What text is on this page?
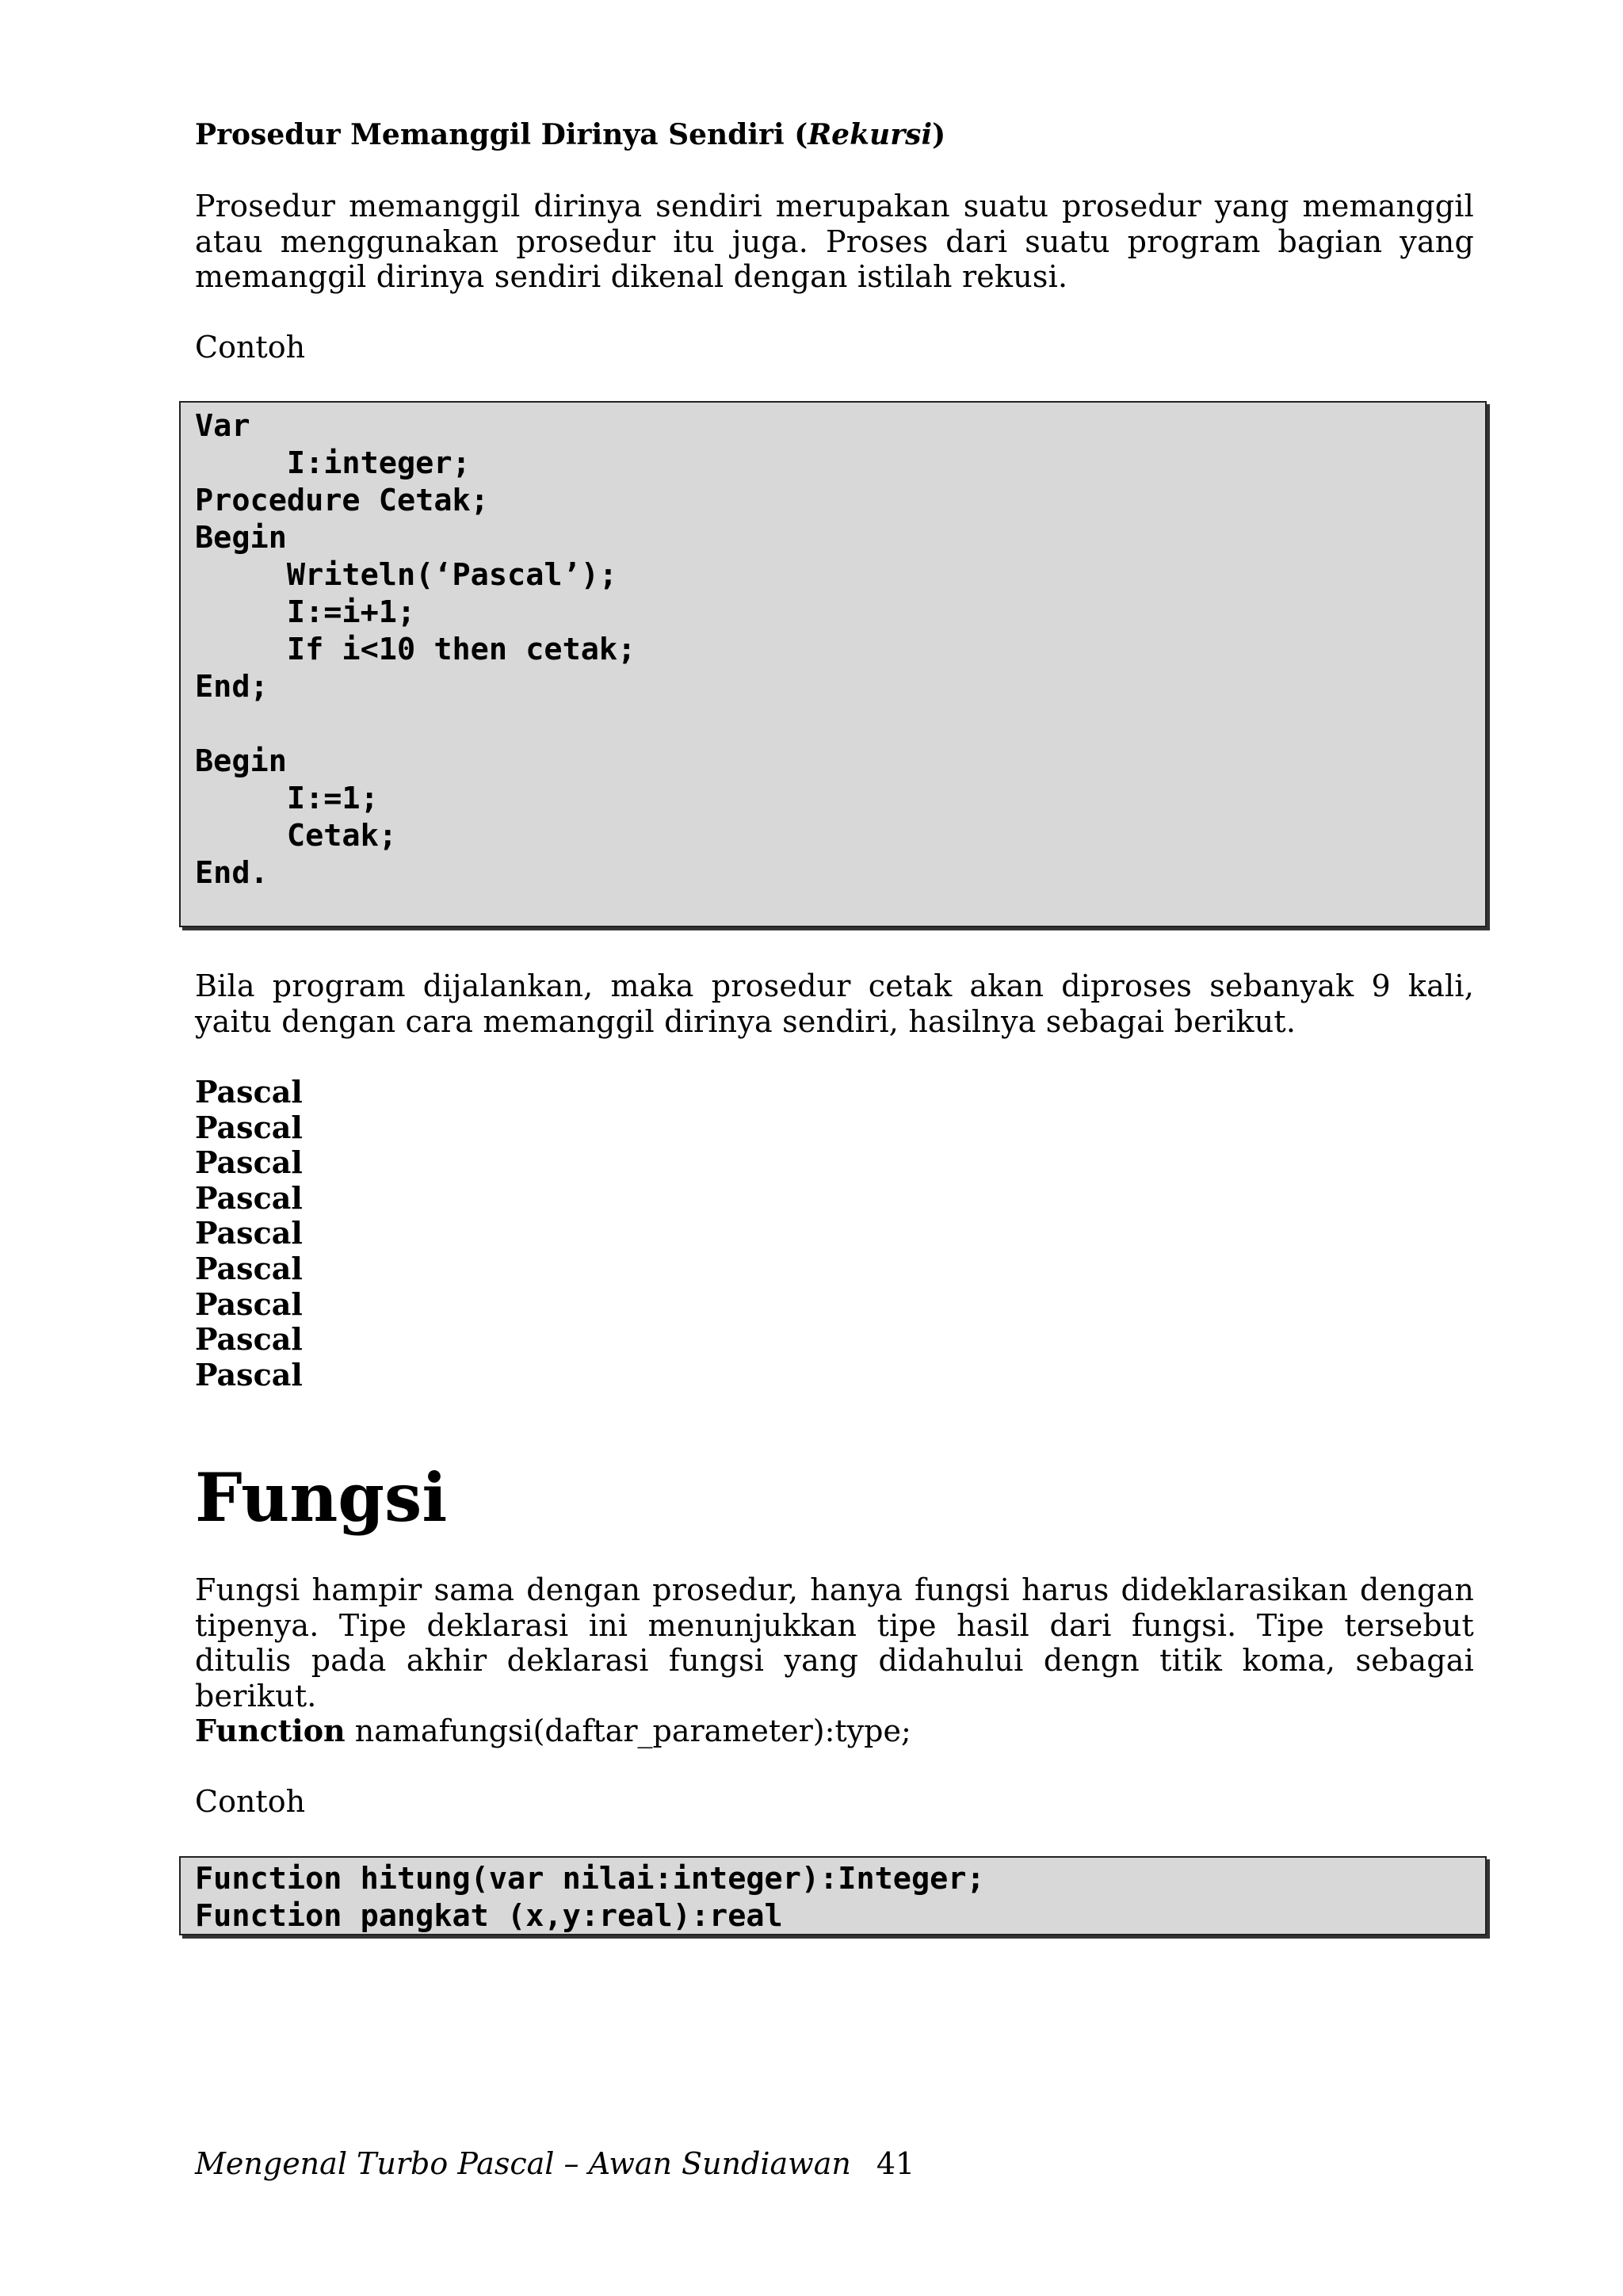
Prosedur Memanggil Dirinya Sendiri (Rekursi)
Prosedur memanggil dirinya sendiri merupakan suatu prosedur yang memanggil atau menggunakan prosedur itu juga. Proses dari suatu program bagian yang memanggil dirinya sendiri dikenal dengan istilah rekusi.
Contoh
Var
I:integer;
Procedure Cetak;
Begin
Writeln(‘Pascal’);
I:=i+1;
If i<10 then cetak;
End;

Begin
I:=1;
Cetak;
End.
Bila program dijalankan, maka prosedur cetak akan diproses sebanyak 9 kali, yaitu dengan cara memanggil dirinya sendiri, hasilnya sebagai berikut.
Pascal
Pascal
Pascal
Pascal
Pascal
Pascal
Pascal
Pascal
Pascal
Fungsi
Fungsi hampir sama dengan prosedur, hanya fungsi harus dideklarasikan dengan tipenya. Tipe deklarasi ini menunjukkan tipe hasil dari fungsi. Tipe tersebut ditulis pada akhir deklarasi fungsi yang didahului dengn titik koma, sebagai berikut.
Function namafungsi(daftar_parameter):type;
Contoh
Function hitung(var nilai:integer):Integer;
Function pangkat (x,y:real):real
Mengenal Turbo Pascal – Awan Sundiawan 41
